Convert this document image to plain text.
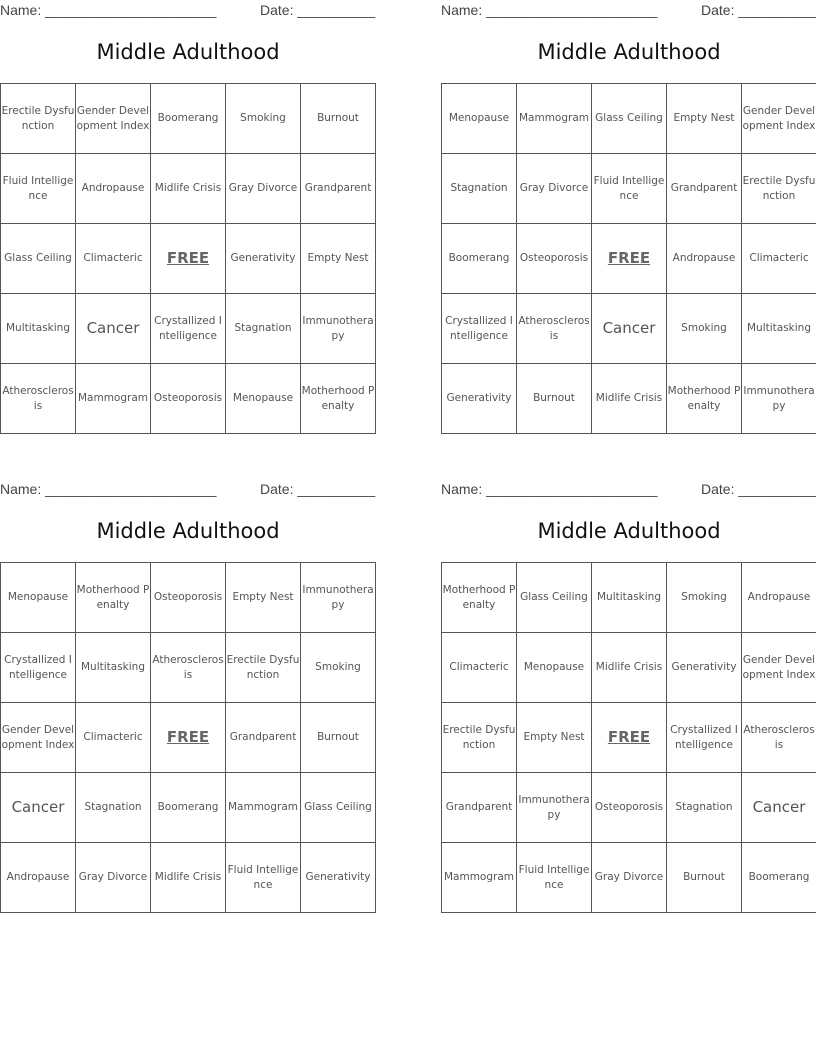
Name: ______________________	Date: __________
Middle Adulthood
Erectile Dysfunction	Gender Development Index	Boomerang	Smoking	Burnout
Fluid Intelligence	Andropause	Midlife Crisis	Gray Divorce	Grandparent
Glass Ceiling	Climacteric	FREE	Generativity	Empty Nest
Multitasking	Cancer	Crystallized Intelligence	Stagnation	Immunotherapy
Atherosclerosis	Mammogram	Osteoporosis	Menopause	Motherhood Penalty
Name: ______________________	Date: __________
Middle Adulthood
Menopause	Mammogram	Glass Ceiling	Empty Nest	Gender Development Index
Stagnation	Gray Divorce	Fluid Intelligence	Grandparent	Erectile Dysfunction
Boomerang	Osteoporosis	FREE	Andropause	Climacteric
Crystallized Intelligence	Atherosclerosis	Cancer	Smoking	Multitasking
Generativity	Burnout	Midlife Crisis	Motherhood Penalty	Immunotherapy
Name: ______________________	Date: __________
Middle Adulthood
Menopause	Motherhood Penalty	Osteoporosis	Empty Nest	Immunotherapy
Crystallized Intelligence	Multitasking	Atherosclerosis	Erectile Dysfunction	Smoking
Gender Development Index	Climacteric	FREE	Grandparent	Burnout
Cancer	Stagnation	Boomerang	Mammogram	Glass Ceiling
Andropause	Gray Divorce	Midlife Crisis	Fluid Intelligence	Generativity
Name: ______________________	Date: __________
Middle Adulthood
Motherhood Penalty	Glass Ceiling	Multitasking	Smoking	Andropause
Climacteric	Menopause	Midlife Crisis	Generativity	Gender Development Index
Erectile Dysfunction	Empty Nest	FREE	Crystallized Intelligence	Atherosclerosis
Grandparent	Immunotherapy	Osteoporosis	Stagnation	Cancer
Mammogram	Fluid Intelligence	Gray Divorce	Burnout	Boomerang
